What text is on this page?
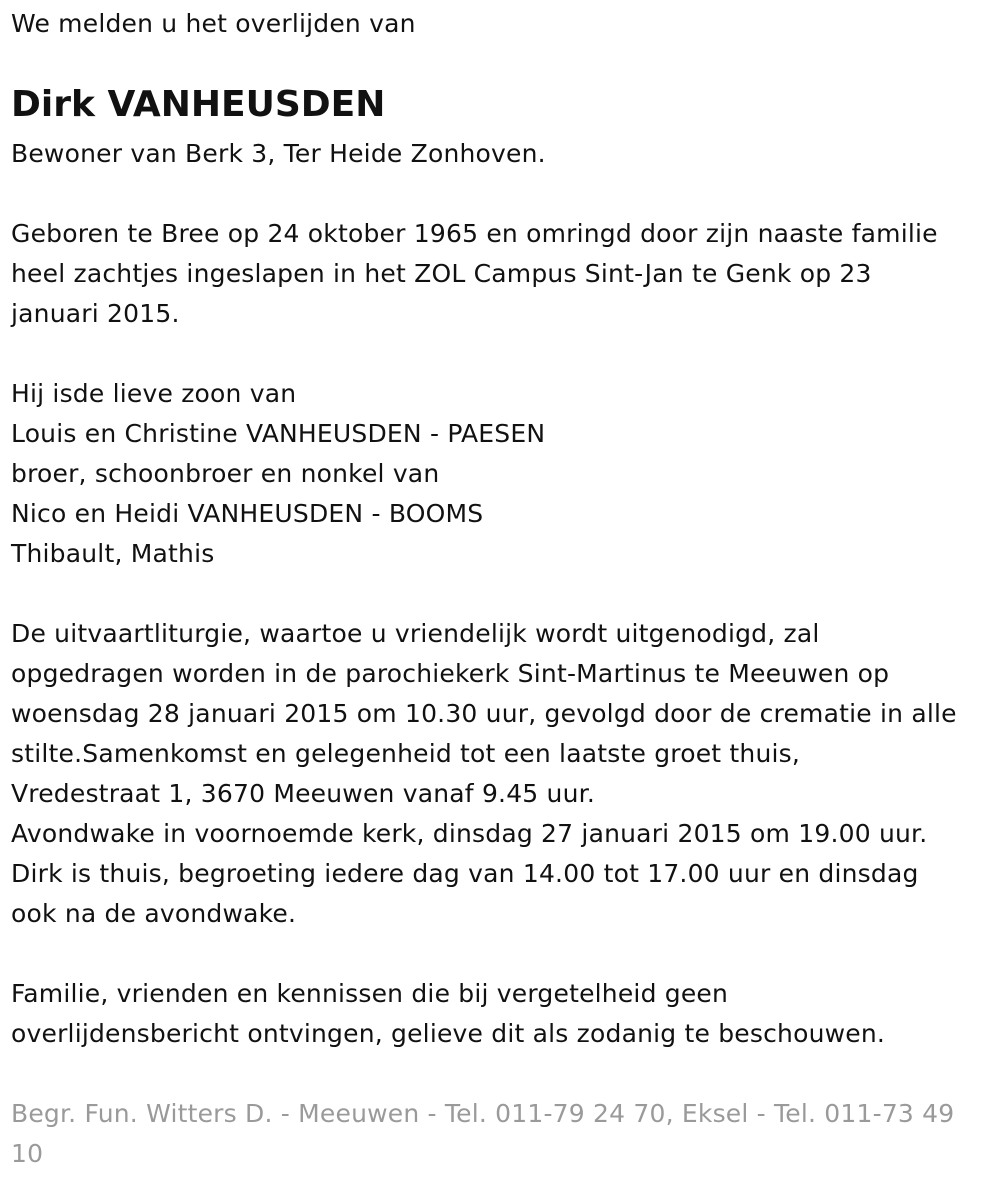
We melden u het overlijden van

Dirk VANHEUSDEN

Bewoner van Berk 3, Ter Heide Zonhoven.

Geboren te Bree op 24 oktober 1965 en omringd door zijn naaste familie

heel zachtjes ingeslapen in het ZOL Campus Sint-Jan te Genk op 23

januari 2015.

Hij isde lieve zoon van

Louis en Christine VANHEUSDEN - PAESEN

broer, schoonbroer en nonkel van

Nico en Heidi VANHEUSDEN - BOOMS

Thibault, Mathis

De uitvaartliturgie, waartoe u vriendelijk wordt uitgenodigd, zal

opgedragen worden in de parochiekerk Sint-Martinus te Meeuwen op

woensdag 28 januari 2015 om 10.30 uur, gevolgd door de crematie in alle

stilte.Samenkomst en gelegenheid tot een laatste groet thuis,

Vredestraat 1, 3670 Meeuwen vanaf 9.45 uur.

Avondwake in voornoemde kerk, dinsdag 27 januari 2015 om 19.00 uur.

Dirk is thuis, begroeting iedere dag van 14.00 tot 17.00 uur en dinsdag

ook na de avondwake.

Familie, vrienden en kennissen die bij vergetelheid geen

overlijdensbericht ontvingen, gelieve dit als zodanig te beschouwen.

Begr. Fun. Witters D. - Meeuwen - Tel. 011-79 24 70, Eksel - Tel. 011-73 49

10
